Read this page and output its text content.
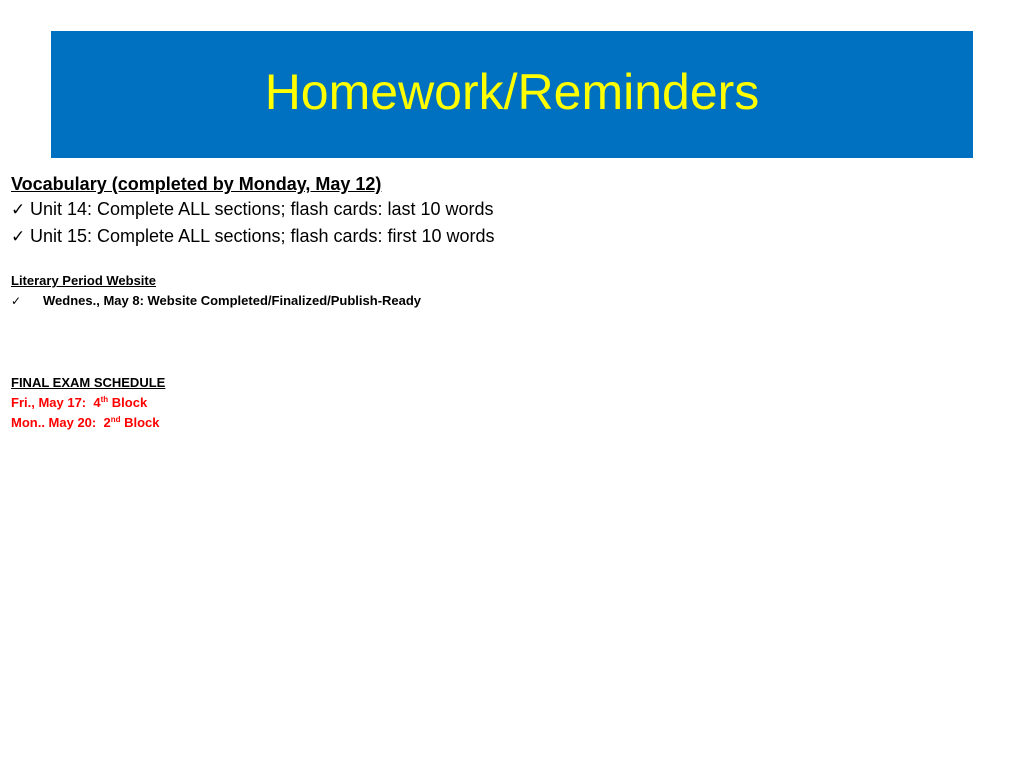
Homework/Reminders
Vocabulary (completed by Monday, May 12)
✓ Unit 14: Complete ALL sections; flash cards: last 10 words
✓ Unit 15: Complete ALL sections; flash cards: first 10 words
Literary Period Website
✓	Wednes., May 8: Website Completed/Finalized/Publish-Ready
FINAL EXAM SCHEDULE
Fri., May 17:  4th Block
Mon.. May 20:  2nd Block
